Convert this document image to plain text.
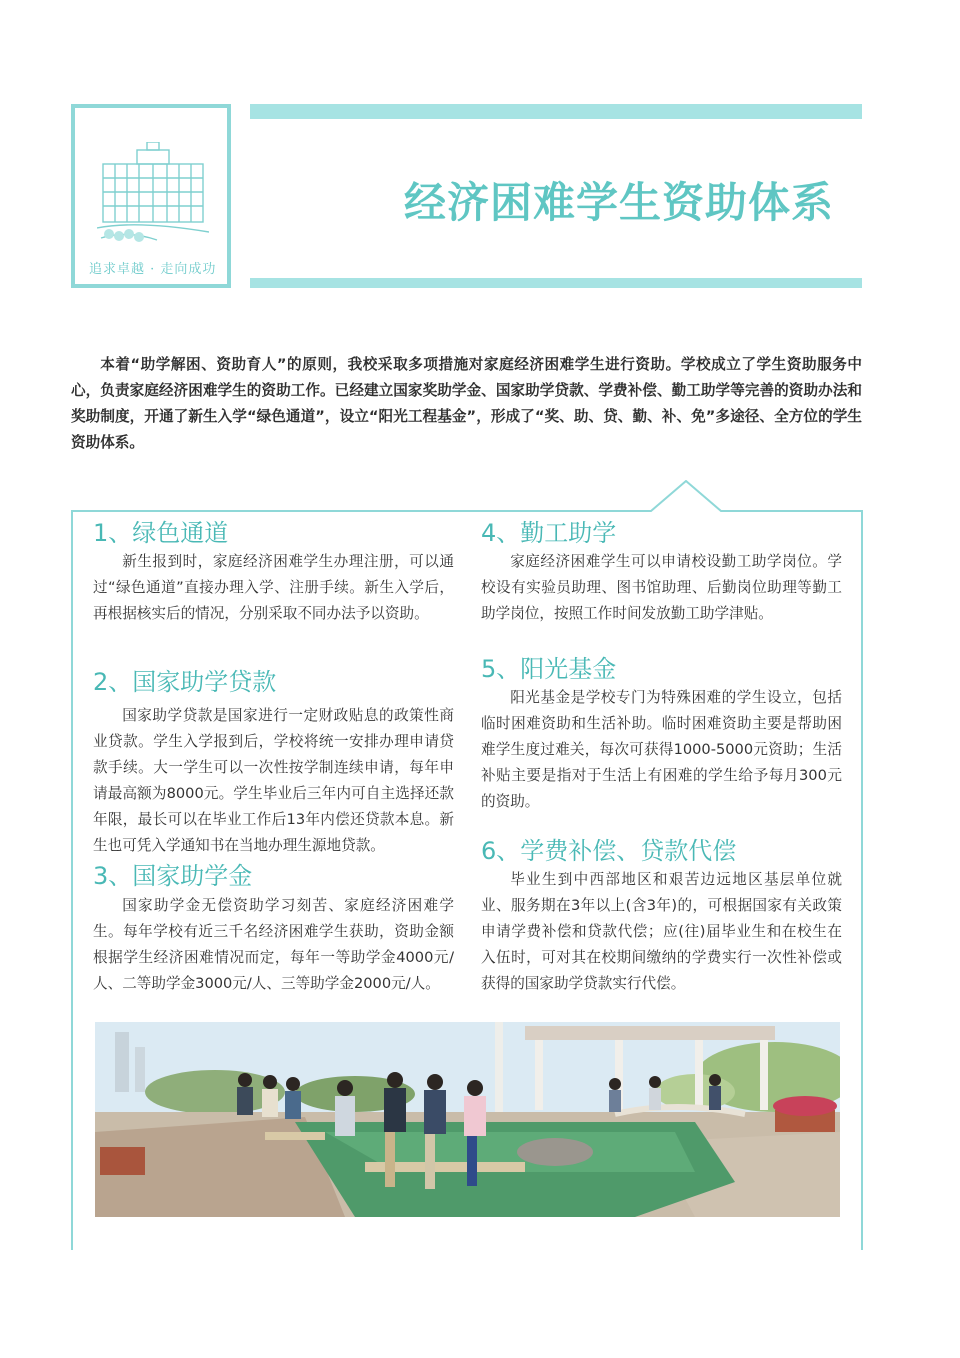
追求卓越 · 走向成功
经济困难学生资助体系
本着“助学解困、资助育人”的原则，我校采取多项措施对家庭经济困难学生进行资助。学校成立了学生资助服务中心，负责家庭经济困难学生的资助工作。已经建立国家奖助学金、国家助学贷款、学费补偿、勤工助学等完善的资助办法和奖助制度，开通了新生入学“绿色通道”，设立“阳光工程基金”，形成了“奖、助、贷、勤、补、免”多途径、全方位的学生资助体系。
1、绿色通道
新生报到时，家庭经济困难学生办理注册，可以通过“绿色通道”直接办理入学、注册手续。新生入学后，再根据核实后的情况，分别采取不同办法予以资助。
2、国家助学贷款
国家助学贷款是国家进行一定财政贴息的政策性商业贷款。学生入学报到后，学校将统一安排办理申请贷款手续。大一学生可以一次性按学制连续申请，每年申请最高额为8000元。学生毕业后三年内可自主选择还款年限，最长可以在毕业工作后13年内偿还贷款本息。新生也可凭入学通知书在当地办理生源地贷款。
3、国家助学金
国家助学金无偿资助学习刻苦、家庭经济困难学生。每年学校有近三千名经济困难学生获助，资助金额根据学生经济困难情况而定，每年一等助学金4000元/人、二等助学金3000元/人、三等助学金2000元/人。
4、勤工助学
家庭经济困难学生可以申请校设勤工助学岗位。学校设有实验员助理、图书馆助理、后勤岗位助理等勤工助学岗位，按照工作时间发放勤工助学津贴。
5、阳光基金
阳光基金是学校专门为特殊困难的学生设立，包括临时困难资助和生活补助。临时困难资助主要是帮助困难学生度过难关，每次可获得1000-5000元资助；生活补贴主要是指对于生活上有困难的学生给予每月300元的资助。
6、学费补偿、贷款代偿
毕业生到中西部地区和艰苦边远地区基层单位就业、服务期在3年以上(含3年)的，可根据国家有关政策申请学费补偿和贷款代偿；应(往)届毕业生和在校生在入伍时，可对其在校期间缴纳的学费实行一次性补偿或获得的国家助学贷款实行代偿。
